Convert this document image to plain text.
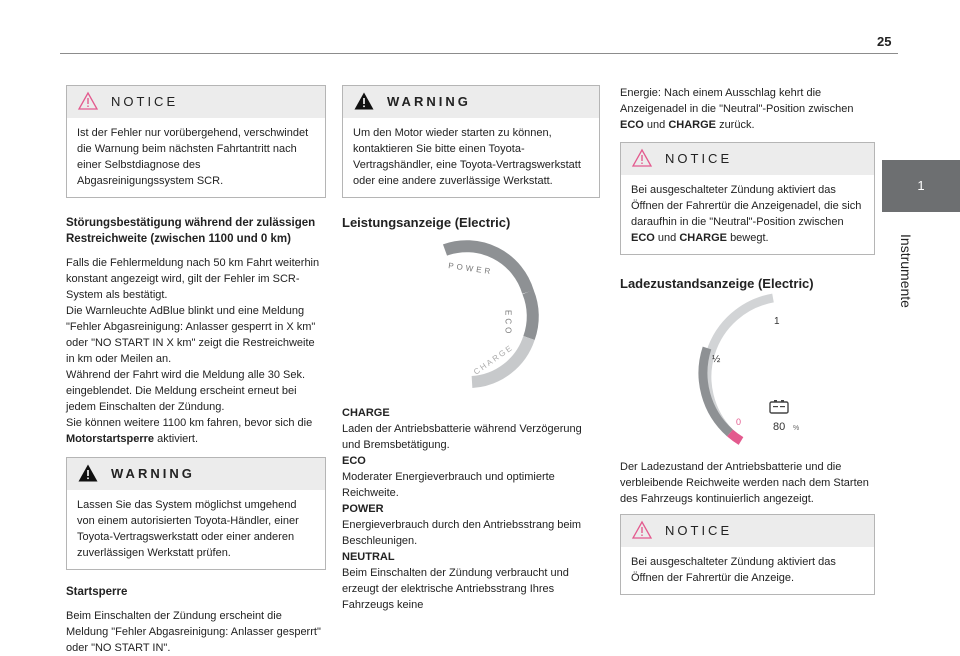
25
1
Instrumente
NOTICE
Ist der Fehler nur vorübergehend, verschwindet die Warnung beim nächsten Fahrtantritt nach einer Selbstdiagnose des Abgasreinigungssystem SCR.
Störungsbestätigung während der zulässigen Restreichweite (zwischen 1100 und 0 km)

Falls die Fehlermeldung nach 50 km Fahrt weiterhin konstant angezeigt wird, gilt der Fehler im SCR-System als bestätigt.

Die Warnleuchte AdBlue blinkt und eine Meldung "Fehler Abgasreinigung: Anlasser gesperrt in X km" oder "NO START IN X km" zeigt die Restreichweite in km oder Meilen an.

Während der Fahrt wird die Meldung alle 30 Sek. eingeblendet. Die Meldung erscheint erneut bei jedem Einschalten der Zündung.

Sie können weitere 1100 km fahren, bevor sich die Motorstartsperre aktiviert.

WARNING
Lassen Sie das System möglichst umgehend von einem autorisierten Toyota-Händler, einer Toyota-Vertragswerkstatt oder einer anderen zuverlässigen Werkstatt prüfen.
Startsperre

Beim Einschalten der Zündung erscheint die Meldung "Fehler Abgasreinigung: Anlasser gesperrt" oder "NO START IN".

WARNING
Um den Motor wieder starten zu können, kontaktieren Sie bitte einen Toyota-Vertragshändler, eine Toyota-Vertragswerkstatt oder eine andere zuverlässige Werkstatt.
Leistungsanzeige (Electric)
POWER
ECO
CHARGE
CHARGE

Laden der Antriebsbatterie während Verzögerung und Bremsbetätigung.

ECO

Moderater Energieverbrauch und optimierte Reichweite.

POWER

Energieverbrauch durch den Antriebsstrang beim Beschleunigen.

NEUTRAL

Beim Einschalten der Zündung verbraucht und erzeugt der elektrische Antriebsstrang Ihres Fahrzeugs keine

Energie: Nach einem Ausschlag kehrt die Anzeigenadel in die "Neutral"-Position zwischen ECO und CHARGE zurück.

NOTICE
Bei ausgeschalteter Zündung aktiviert das Öffnen der Fahrertür die Anzeigenadel, die sich daraufhin in die "Neutral"-Position zwischen ECO und CHARGE bewegt.
Ladezustandsanzeige (Electric)
1
½
0	80 %

Der Ladezustand der Antriebsbatterie und die verbleibende Reichweite werden nach dem Starten des Fahrzeugs kontinuierlich angezeigt.

NOTICE
Bei ausgeschalteter Zündung aktiviert das Öffnen der Fahrertür die Anzeige.
